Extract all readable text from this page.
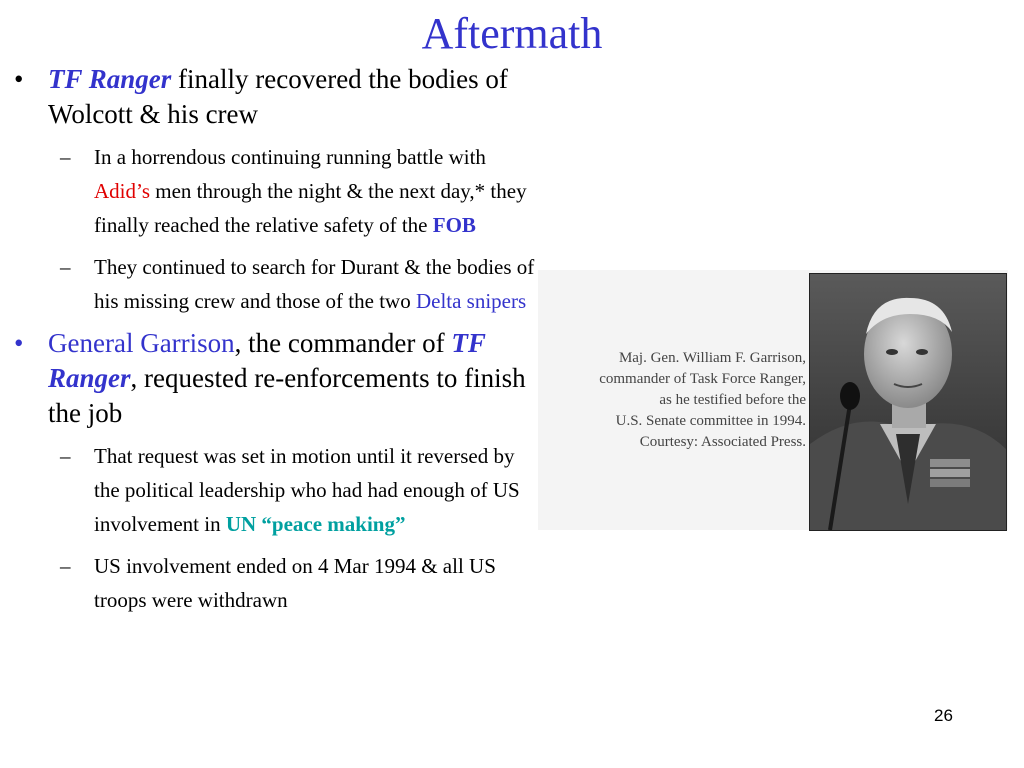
Aftermath
• TF Ranger finally recovered the bodies of Wolcott & his crew
– In a horrendous continuing running battle with Adid’s men through the night & the next day,* they finally reached the relative safety of the FOB
– They continued to search for Durant & the bodies of his missing crew and those of the two Delta snipers
• General Garrison, the commander of TF Ranger, requested re-enforcements to finish the job
– That request was set in motion until it reversed by the political leadership who had had enough of US involvement in UN “peace making”
– US involvement ended on 4 Mar 1994 & all US troops were withdrawn
Maj. Gen. William F. Garrison,
commander of Task Force Ranger,
as he testified before the
U.S. Senate committee in 1994.
Courtesy: Associated Press.
26
